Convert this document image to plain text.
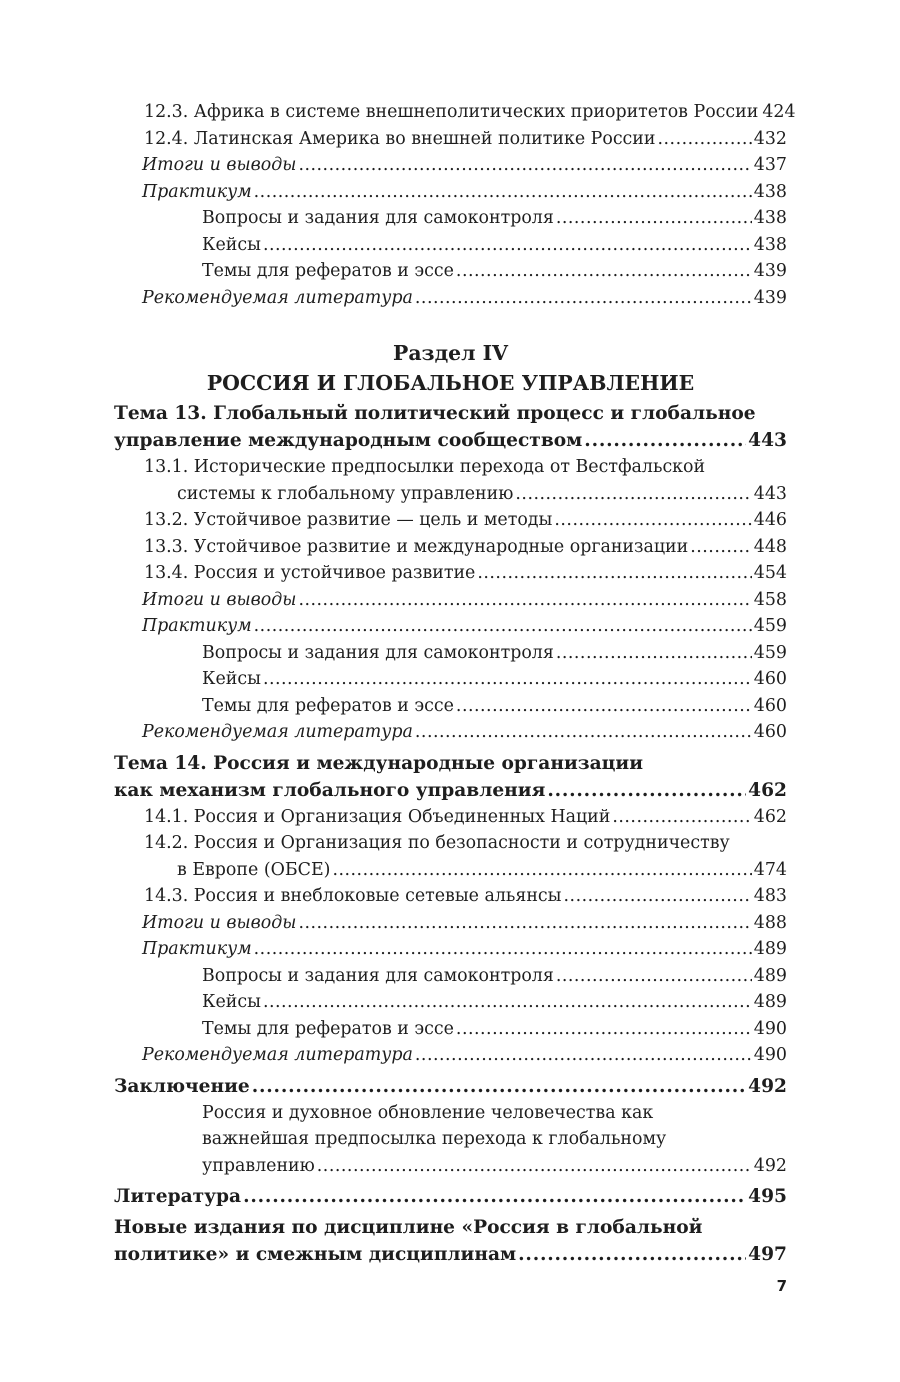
12.3. Африка в системе внешнеполитических приоритетов России 424
12.4. Латинская Америка во внешней политике России .....	432
Итоги и выводы .....	437
Практикум .....	438
Вопросы и задания для самоконтроля .....	438
Кейсы .....	438
Темы для рефератов и эссе .....	439
Рекомендуемая литература .....	439
Раздел IV
РОССИЯ И ГЛОБАЛЬНОЕ УПРАВЛЕНИЕ
Тема 13. Глобальный политический процесс и глобальное
управление международным сообществом .....	443
13.1. Исторические предпосылки перехода от Вестфальской
системы к глобальному управлению .....	443
13.2. Устойчивое развитие — цель и методы .....	446
13.3. Устойчивое развитие и международные организации .....	448
13.4. Россия и устойчивое развитие .....	454
Итоги и выводы .....	458
Практикум .....	459
Вопросы и задания для самоконтроля .....	459
Кейсы .....	460
Темы для рефератов и эссе .....	460
Рекомендуемая литература .....	460
Тема 14. Россия и международные организации
как механизм глобального управления .....	462
14.1. Россия и Организация Объединенных Наций .....	462
14.2. Россия и Организация по безопасности и сотрудничеству
в Европе (ОБСЕ) .....	474
14.3. Россия и внеблоковые сетевые альянсы .....	483
Итоги и выводы .....	488
Практикум .....	489
Вопросы и задания для самоконтроля .....	489
Кейсы .....	489
Темы для рефератов и эссе .....	490
Рекомендуемая литература .....	490
Заключение .....	492
Россия и духовное обновление человечества как
важнейшая предпосылка перехода к глобальному
управлению .....	492
Литература .....	495
Новые издания по дисциплине «Россия в глобальной
политике» и смежным дисциплинам .....	497
7
